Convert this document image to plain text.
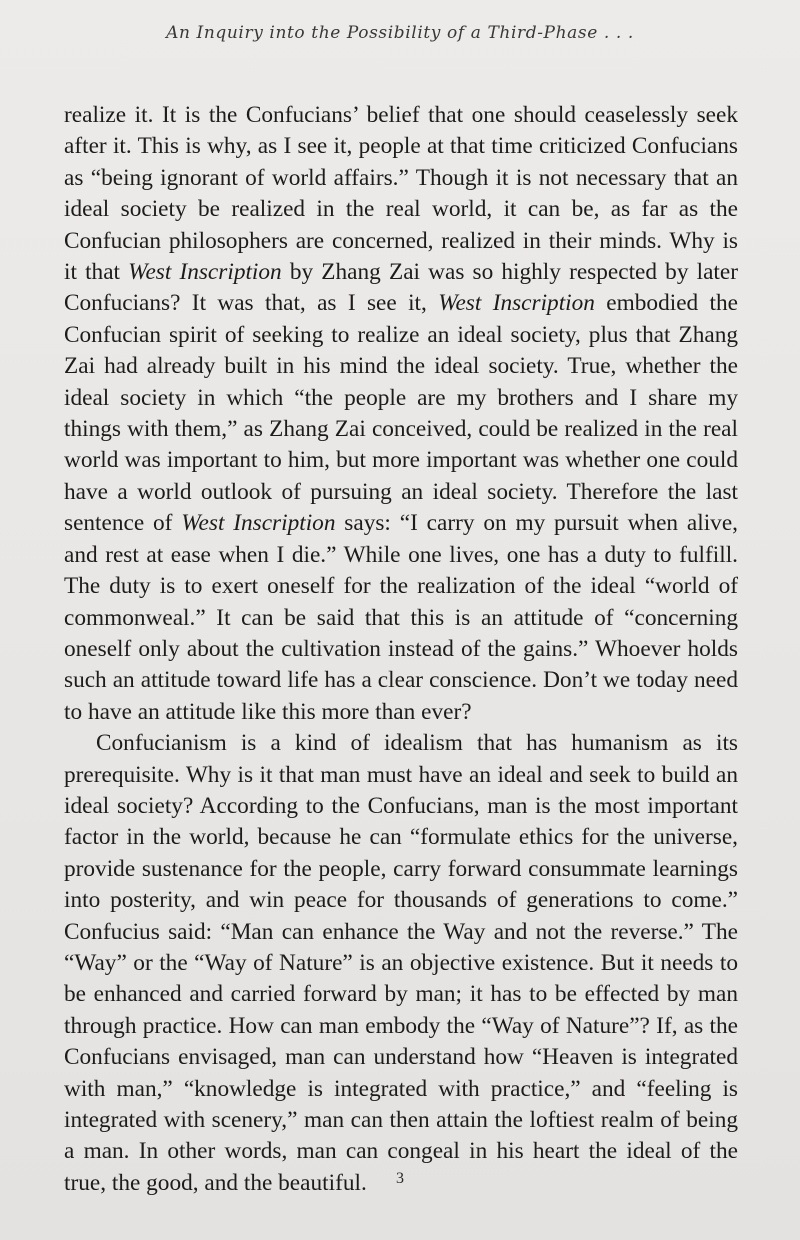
An Inquiry into the Possibility of a Third-Phase . . .

realize it. It is the Confucians’ belief that one should ceaselessly seek after it. This is why, as I see it, people at that time criticized Confucians as “being ignorant of world affairs.” Though it is not necessary that an ideal society be realized in the real world, it can be, as far as the Confucian philosophers are concerned, realized in their minds. Why is it that West Inscription by Zhang Zai was so highly respected by later Confucians? It was that, as I see it, West Inscription embodied the Confucian spirit of seeking to realize an ideal society, plus that Zhang Zai had already built in his mind the ideal society. True, whether the ideal society in which “the people are my brothers and I share my things with them,” as Zhang Zai conceived, could be realized in the real world was important to him, but more important was whether one could have a world outlook of pursuing an ideal society. Therefore the last sentence of West Inscription says: “I carry on my pursuit when alive, and rest at ease when I die.” While one lives, one has a duty to fulfill. The duty is to exert oneself for the realization of the ideal “world of commonweal.” It can be said that this is an attitude of “concerning oneself only about the cultivation instead of the gains.” Whoever holds such an attitude toward life has a clear conscience. Don’t we today need to have an attitude like this more than ever?

Confucianism is a kind of idealism that has humanism as its prerequisite. Why is it that man must have an ideal and seek to build an ideal society? According to the Confucians, man is the most important factor in the world, because he can “formulate ethics for the universe, provide sustenance for the people, carry forward consummate learnings into posterity, and win peace for thousands of generations to come.” Confucius said: “Man can enhance the Way and not the reverse.” The “Way” or the “Way of Nature” is an objective existence. But it needs to be enhanced and carried forward by man; it has to be effected by man through practice. How can man embody the “Way of Nature”? If, as the Confucians envisaged, man can understand how “Heaven is integrated with man,” “knowledge is integrated with practice,” and “feeling is integrated with scenery,” man can then attain the loftiest realm of being a man. In other words, man can congeal in his heart the ideal of the true, the good, and the beautiful.	3
